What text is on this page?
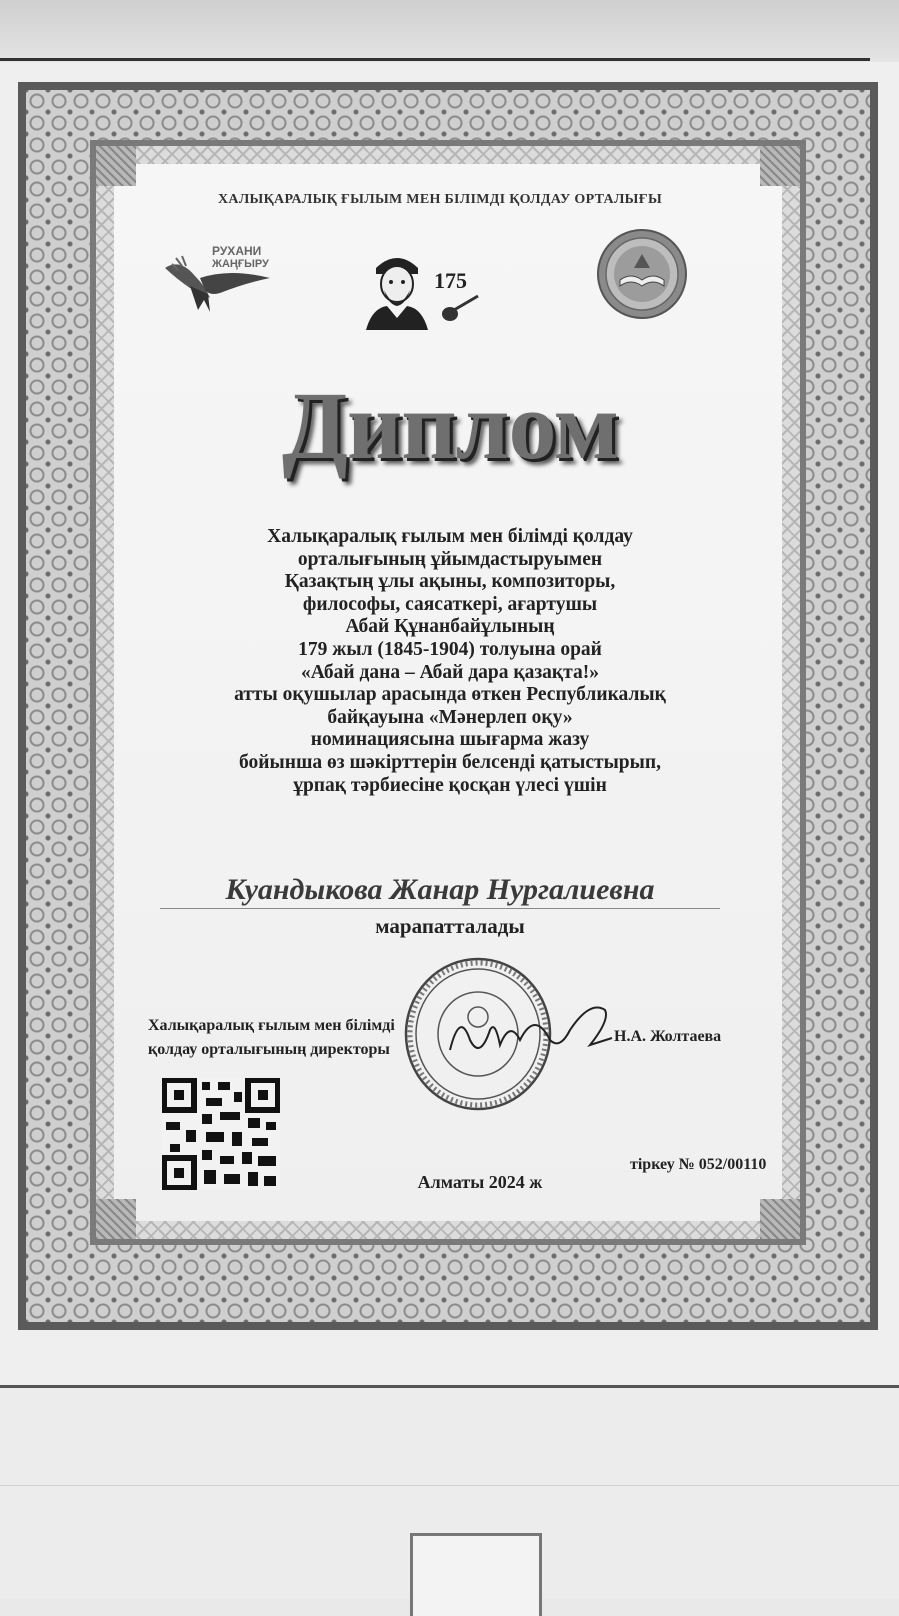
ХАЛЫҚАРАЛЫҚ ҒЫЛЫМ МЕН БІЛІМДІ ҚОЛДАУ ОРТАЛЫҒЫ
РУХАНИ
ЖАҢҒЫРУ
175
Диплом
Халықаралық ғылым мен білімді қолдау
орталығының ұйымдастыруымен
Қазақтың ұлы ақыны, композиторы,
философы, саясаткері, ағартушы
Абай Құнанбайұлының
179 жыл (1845-1904) толуына орай
«Абай дана – Абай дара қазақта!»
атты оқушылар арасында өткен Республикалық
байқауына «Мәнерлеп оқу»
номинациясына шығарма жазу
бойынша өз шәкірттерін белсенді қатыстырып,
ұрпақ тәрбиесіне қосқан үлесі үшін
Куандыкова Жанар Нургалиевна
марапатталады
Халықаралық ғылым мен білімді
қолдау орталығының директоры
Н.А. Жолтаева
Алматы 2024 ж
тіркеу № 052/00110
